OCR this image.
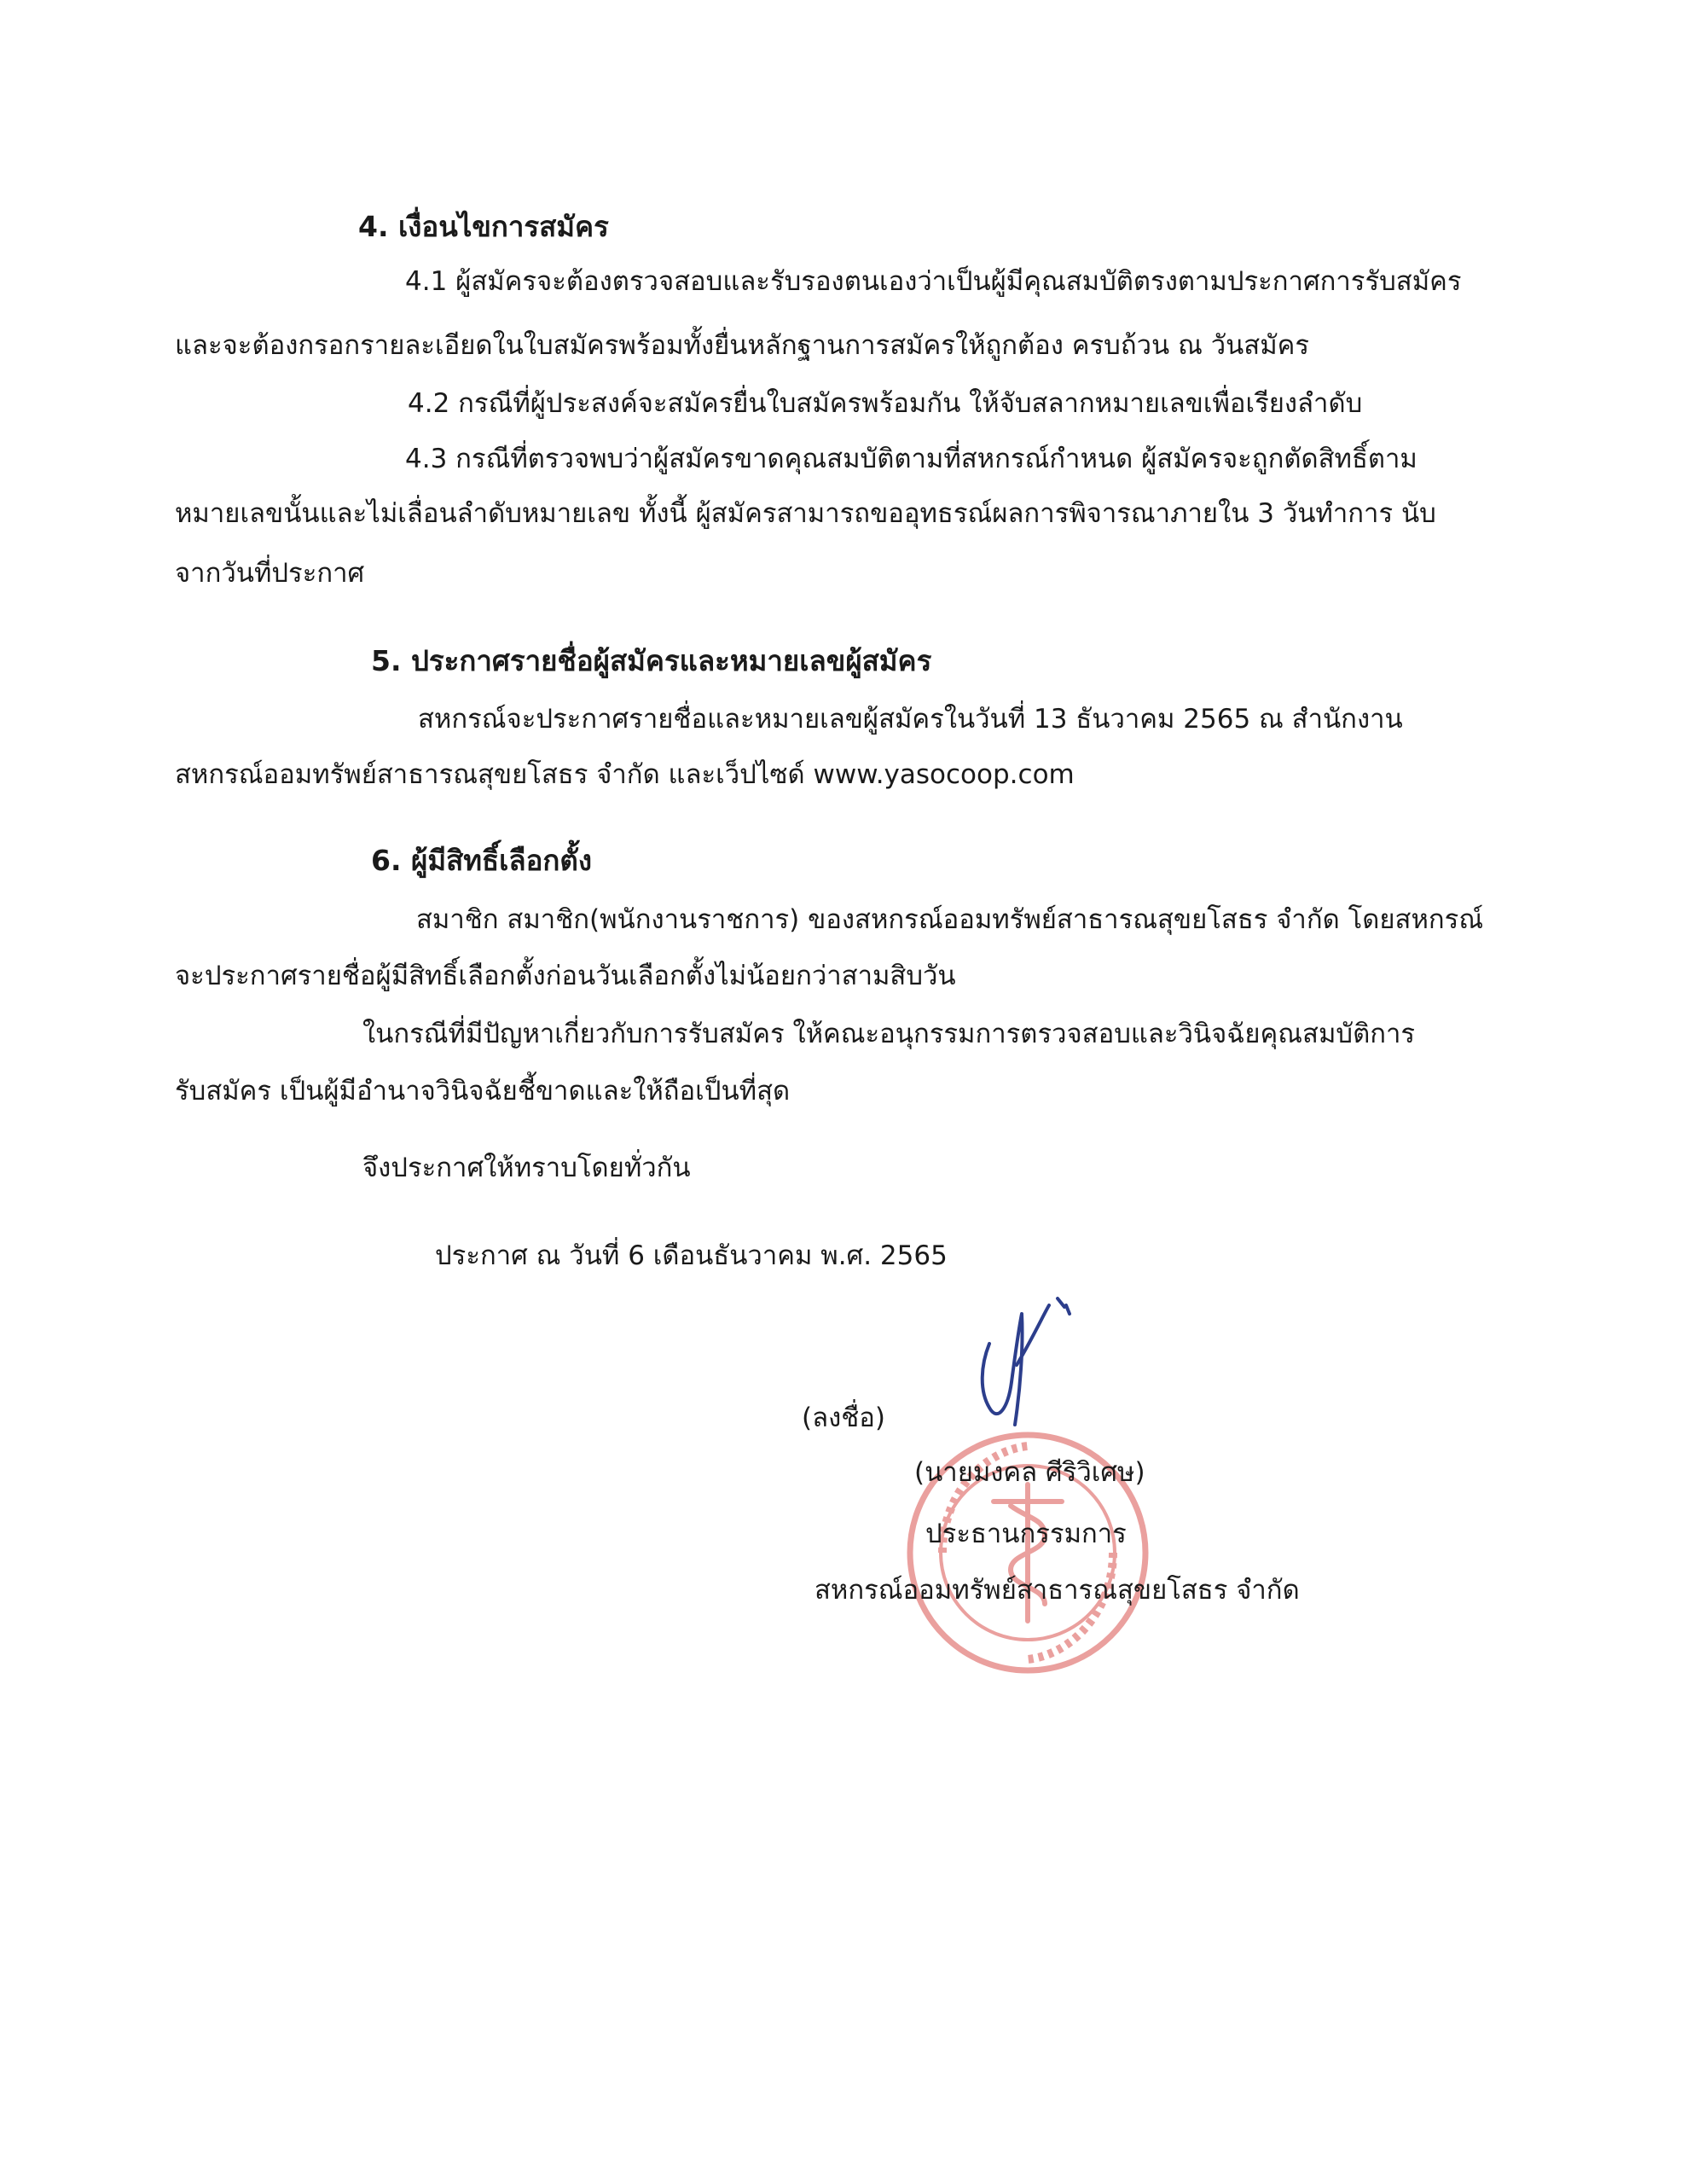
4. เงื่อนไขการสมัคร
4.1 ผู้สมัครจะต้องตรวจสอบและรับรองตนเองว่าเป็นผู้มีคุณสมบัติตรงตามประกาศการรับสมัคร
และจะต้องกรอกรายละเอียดในใบสมัครพร้อมทั้งยื่นหลักฐานการสมัครให้ถูกต้อง ครบถ้วน ณ วันสมัคร
4.2 กรณีที่ผู้ประสงค์จะสมัครยื่นใบสมัครพร้อมกัน ให้จับสลากหมายเลขเพื่อเรียงลำดับ
4.3 กรณีที่ตรวจพบว่าผู้สมัครขาดคุณสมบัติตามที่สหกรณ์กำหนด ผู้สมัครจะถูกตัดสิทธิ์ตาม
หมายเลขนั้นและไม่เลื่อนลำดับหมายเลข ทั้งนี้ ผู้สมัครสามารถขออุทธรณ์ผลการพิจารณาภายใน 3 วันทำการ นับ
จากวันที่ประกาศ
5. ประกาศรายชื่อผู้สมัครและหมายเลขผู้สมัคร
สหกรณ์จะประกาศรายชื่อและหมายเลขผู้สมัครในวันที่ 13 ธันวาคม 2565 ณ สำนักงาน
สหกรณ์ออมทรัพย์สาธารณสุขยโสธร จำกัด และเว็ปไซด์ www.yasocoop.com
6. ผู้มีสิทธิ์เลือกตั้ง
สมาชิก สมาชิก(พนักงานราชการ) ของสหกรณ์ออมทรัพย์สาธารณสุขยโสธร จำกัด โดยสหกรณ์
จะประกาศรายชื่อผู้มีสิทธิ์เลือกตั้งก่อนวันเลือกตั้งไม่น้อยกว่าสามสิบวัน
ในกรณีที่มีปัญหาเกี่ยวกับการรับสมัคร ให้คณะอนุกรรมการตรวจสอบและวินิจฉัยคุณสมบัติการ
รับสมัคร เป็นผู้มีอำนาจวินิจฉัยชี้ขาดและให้ถือเป็นที่สุด
จึงประกาศให้ทราบโดยทั่วกัน
ประกาศ ณ วันที่ 6 เดือนธันวาคม พ.ศ. 2565
(ลงชื่อ)
(นายมงคล ศีริวิเศษ)
ประธานกรรมการ
สหกรณ์ออมทรัพย์สาธารณสุขยโสธร จำกัด
